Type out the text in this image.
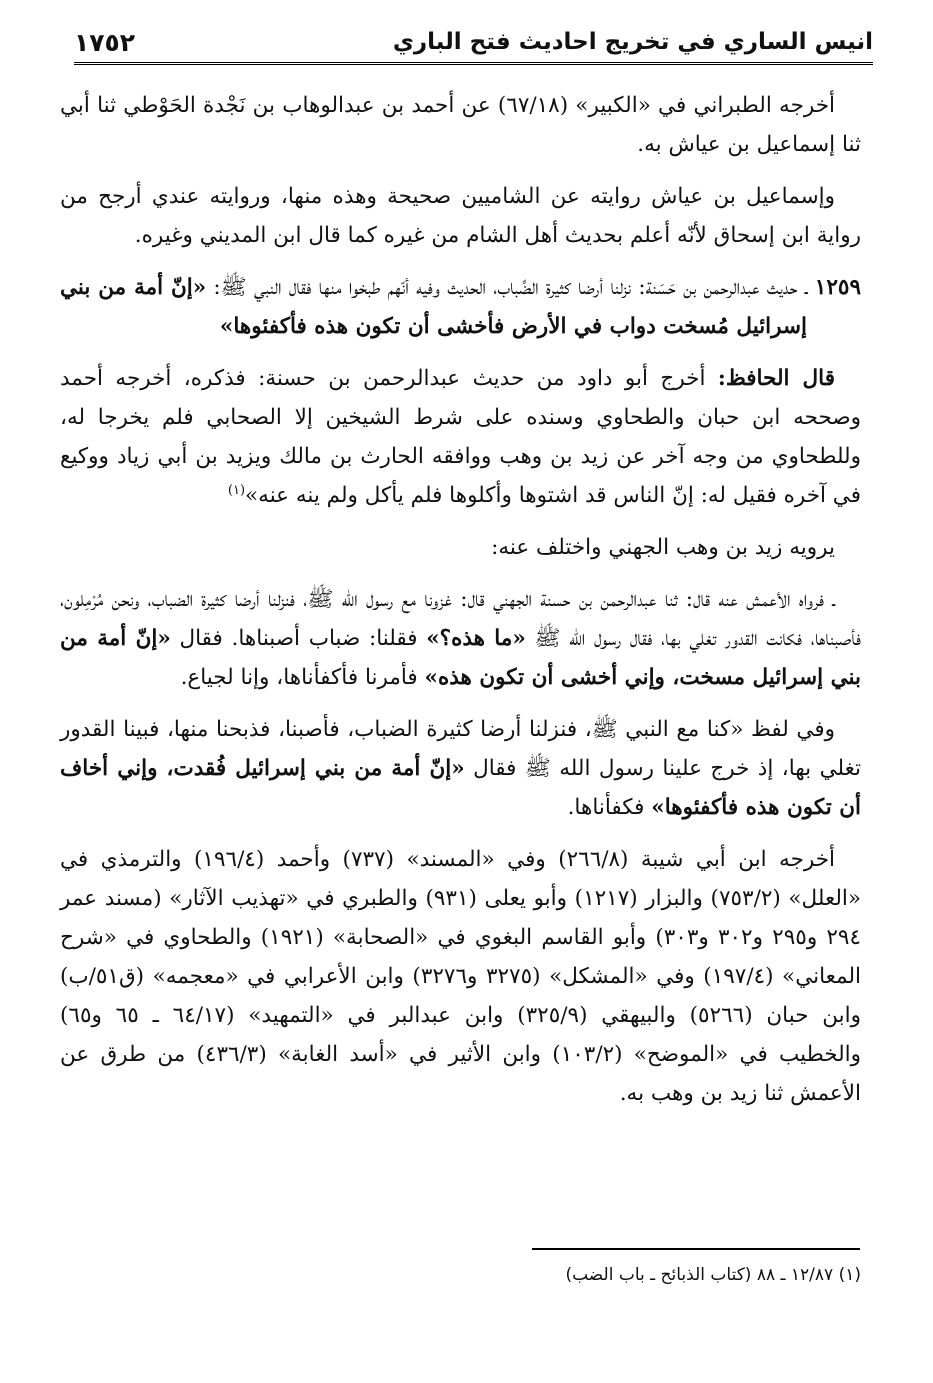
١٧٥٢	انيس الساري في تخريج احاديث فتح الباري

أخرجه الطبراني في «الكبير» (٦٧/١٨) عن أحمد بن عبدالوهاب بن نَجْدة الحَوْطي ثنا أبي ثنا إسماعيل بن عياش به.

وإسماعيل بن عياش روايته عن الشاميين صحيحة وهذه منها، وروايته عندي أرجح من رواية ابن إسحاق لأنّه أعلم بحديث أهل الشام من غيره كما قال ابن المديني وغيره.

١٢٥٩ ـ حديث عبدالرحمن بن حَسَنة: نزلنا أرضا كثيرة الضِّباب، الحديث وفيه أنّهم طبخوا منها فقال النبي ﷺ: «إنّ أمة من بني إسرائيل مُسخت دواب في الأرض فأخشى أن تكون هذه فأكفئوها»

قال الحافظ: أخرج أبو داود من حديث عبدالرحمن بن حسنة: فذكره، أخرجه أحمد وصححه ابن حبان والطحاوي وسنده على شرط الشيخين إلا الصحابي فلم يخرجا له، وللطحاوي من وجه آخر عن زيد بن وهب ووافقه الحارث بن مالك ويزيد بن أبي زياد ووكيع في آخره فقيل له: إنّ الناس قد اشتوها وأكلوها فلم يأكل ولم ينه عنه»$^{(١)}$

يرويه زيد بن وهب الجهني واختلف عنه:

ـ فرواه الأعمش عنه قال: ثنا عبدالرحمن بن حسنة الجهني قال: غزونا مع رسول الله ﷺ، فنزلنا أرضا كثيرة الضباب، ونحن مُرْمِلون، فأصبناها، فكانت القدور تغلي بها، فقال رسول الله ﷺ «ما هذه؟» فقلنا: ضباب أصبناها. فقال «إنّ أمة من بني إسرائيل مسخت، وإني أخشى أن تكون هذه» فأمرنا فأكفأناها، وإنا لجياع.

وفي لفظ «كنا مع النبي ﷺ، فنزلنا أرضا كثيرة الضباب، فأصبنا، فذبحنا منها، فبينا القدور تغلي بها، إذ خرج علينا رسول الله ﷺ فقال «إنّ أمة من بني إسرائيل فُقدت، وإني أخاف أن تكون هذه فأكفئوها» فكفأناها.

أخرجه ابن أبي شيبة (٢٦٦/٨) وفي «المسند» (٧٣٧) وأحمد (١٩٦/٤) والترمذي في «العلل» (٧٥٣/٢) والبزار (١٢١٧) وأبو يعلى (٩٣١) والطبري في «تهذيب الآثار» (مسند عمر ٢٩٤ و٢٩٥ و٣٠٢ و٣٠٣) وأبو القاسم البغوي في «الصحابة» (١٩٢١) والطحاوي في «شرح المعاني» (١٩٧/٤) وفي «المشكل» (٣٢٧٥ و٣٢٧٦) وابن الأعرابي في «معجمه» (ق٥١/ب) وابن حبان (٥٢٦٦) والبيهقي (٣٢٥/٩) وابن عبدالبر في «التمهيد» (٦٤/١٧ ـ ٦٥ و٦٥) والخطيب في «الموضح» (١٠٣/٢) وابن الأثير في «أسد الغابة» (٤٣٦/٣) من طرق عن الأعمش ثنا زيد بن وهب به.

(١) ١٢/٨٧ ـ ٨٨ (كتاب الذبائح ـ باب الضب)
